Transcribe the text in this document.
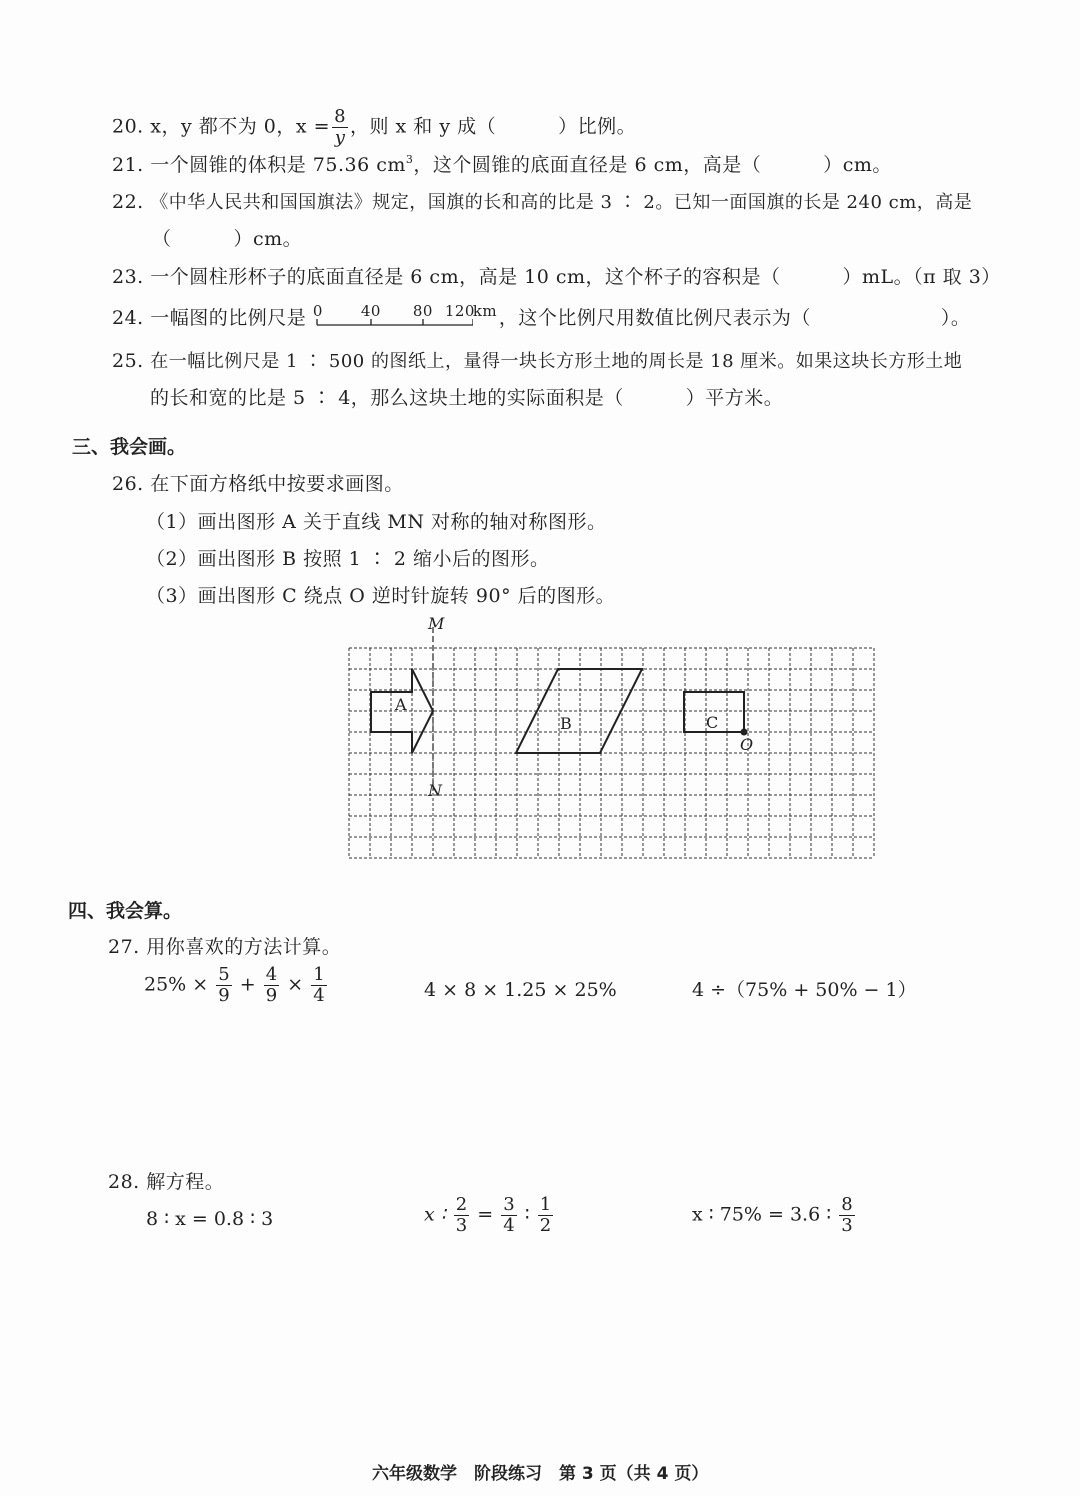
20. x，y 都不为 0，$x = \frac{8}{y}$ ，则 x 和 y 成（	）比例。
21. 一个圆锥的体积是 75.36 $cm^3$，这个圆锥的底面直径是 6 cm，高是（	）cm。
22. 《中华人民共和国国旗法》规定，国旗的长和高的比是 3 ∶ 2。已知一面国旗的长是 240 cm，高是
（	）cm。
23. 一个圆柱形杯子的底面直径是 6 cm，高是 10 cm，这个杯子的容积是（	）mL。（π 取 3）
24. 一幅图的比例尺是 0	40 80 120
km ，这个比例尺用数值比例尺表示为（	）。
25. 在一幅比例尺是 1 ∶ 500 的图纸上，量得一块长方形土地的周长是 18 厘米。如果这块长方形土地
的长和宽的比是 5 ∶ 4，那么这块土地的实际面积是（	）平方米。
三、我会画。
26. 在下面方格纸中按要求画图。
（1）画出图形 A 关于直线 MN 对称的轴对称图形。
（2）画出图形 B 按照 1 ∶ 2 缩小后的图形。
（3）画出图形 C 绕点 O 逆时针旋转 90° 后的图形。
M
N
A
B	C
O
四、我会算。
27. 用你喜欢的方法计算。
$25\% \times \frac{5}{9} + \frac{4}{9} \times \frac{1}{4}$	4 × 8 × 1.25 × 25%	4 ÷（75% + 50% − 1）
28. 解方程。
8 ∶ x = 0.8 ∶ 3	x ∶ $\frac{2}{3} = \frac{3}{4}$ ∶ $\frac{1}{2}$	x ∶ 75% = 3.6 ∶ $\frac{8}{3}$
六年级数学　阶段练习　第 3 页（共 4 页）
